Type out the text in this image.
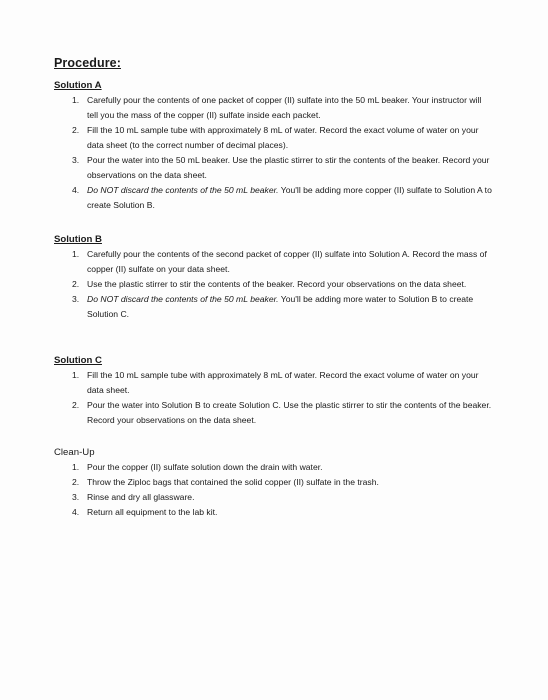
Procedure:

Solution A

1. Carefully pour the contents of one packet of copper (II) sulfate into the 50 mL beaker. Your instructor will tell you the mass of the copper (II) sulfate inside each packet.
2. Fill the 10 mL sample tube with approximately 8 mL of water. Record the exact volume of water on your data sheet (to the correct number of decimal places).
3. Pour the water into the 50 mL beaker. Use the plastic stirrer to stir the contents of the beaker. Record your observations on the data sheet.
4. Do NOT discard the contents of the 50 mL beaker. You'll be adding more copper (II) sulfate to Solution A to create Solution B.

Solution B

1. Carefully pour the contents of the second packet of copper (II) sulfate into Solution A. Record the mass of copper (II) sulfate on your data sheet.
2. Use the plastic stirrer to stir the contents of the beaker. Record your observations on the data sheet.
3. Do NOT discard the contents of the 50 mL beaker. You'll be adding more water to Solution B to create Solution C.

Solution C

1. Fill the 10 mL sample tube with approximately 8 mL of water. Record the exact volume of water on your data sheet.
2. Pour the water into Solution B to create Solution C. Use the plastic stirrer to stir the contents of the beaker. Record your observations on the data sheet.

Clean-Up

1. Pour the copper (II) sulfate solution down the drain with water.
2. Throw the Ziploc bags that contained the solid copper (II) sulfate in the trash.
3. Rinse and dry all glassware.
4. Return all equipment to the lab kit.
